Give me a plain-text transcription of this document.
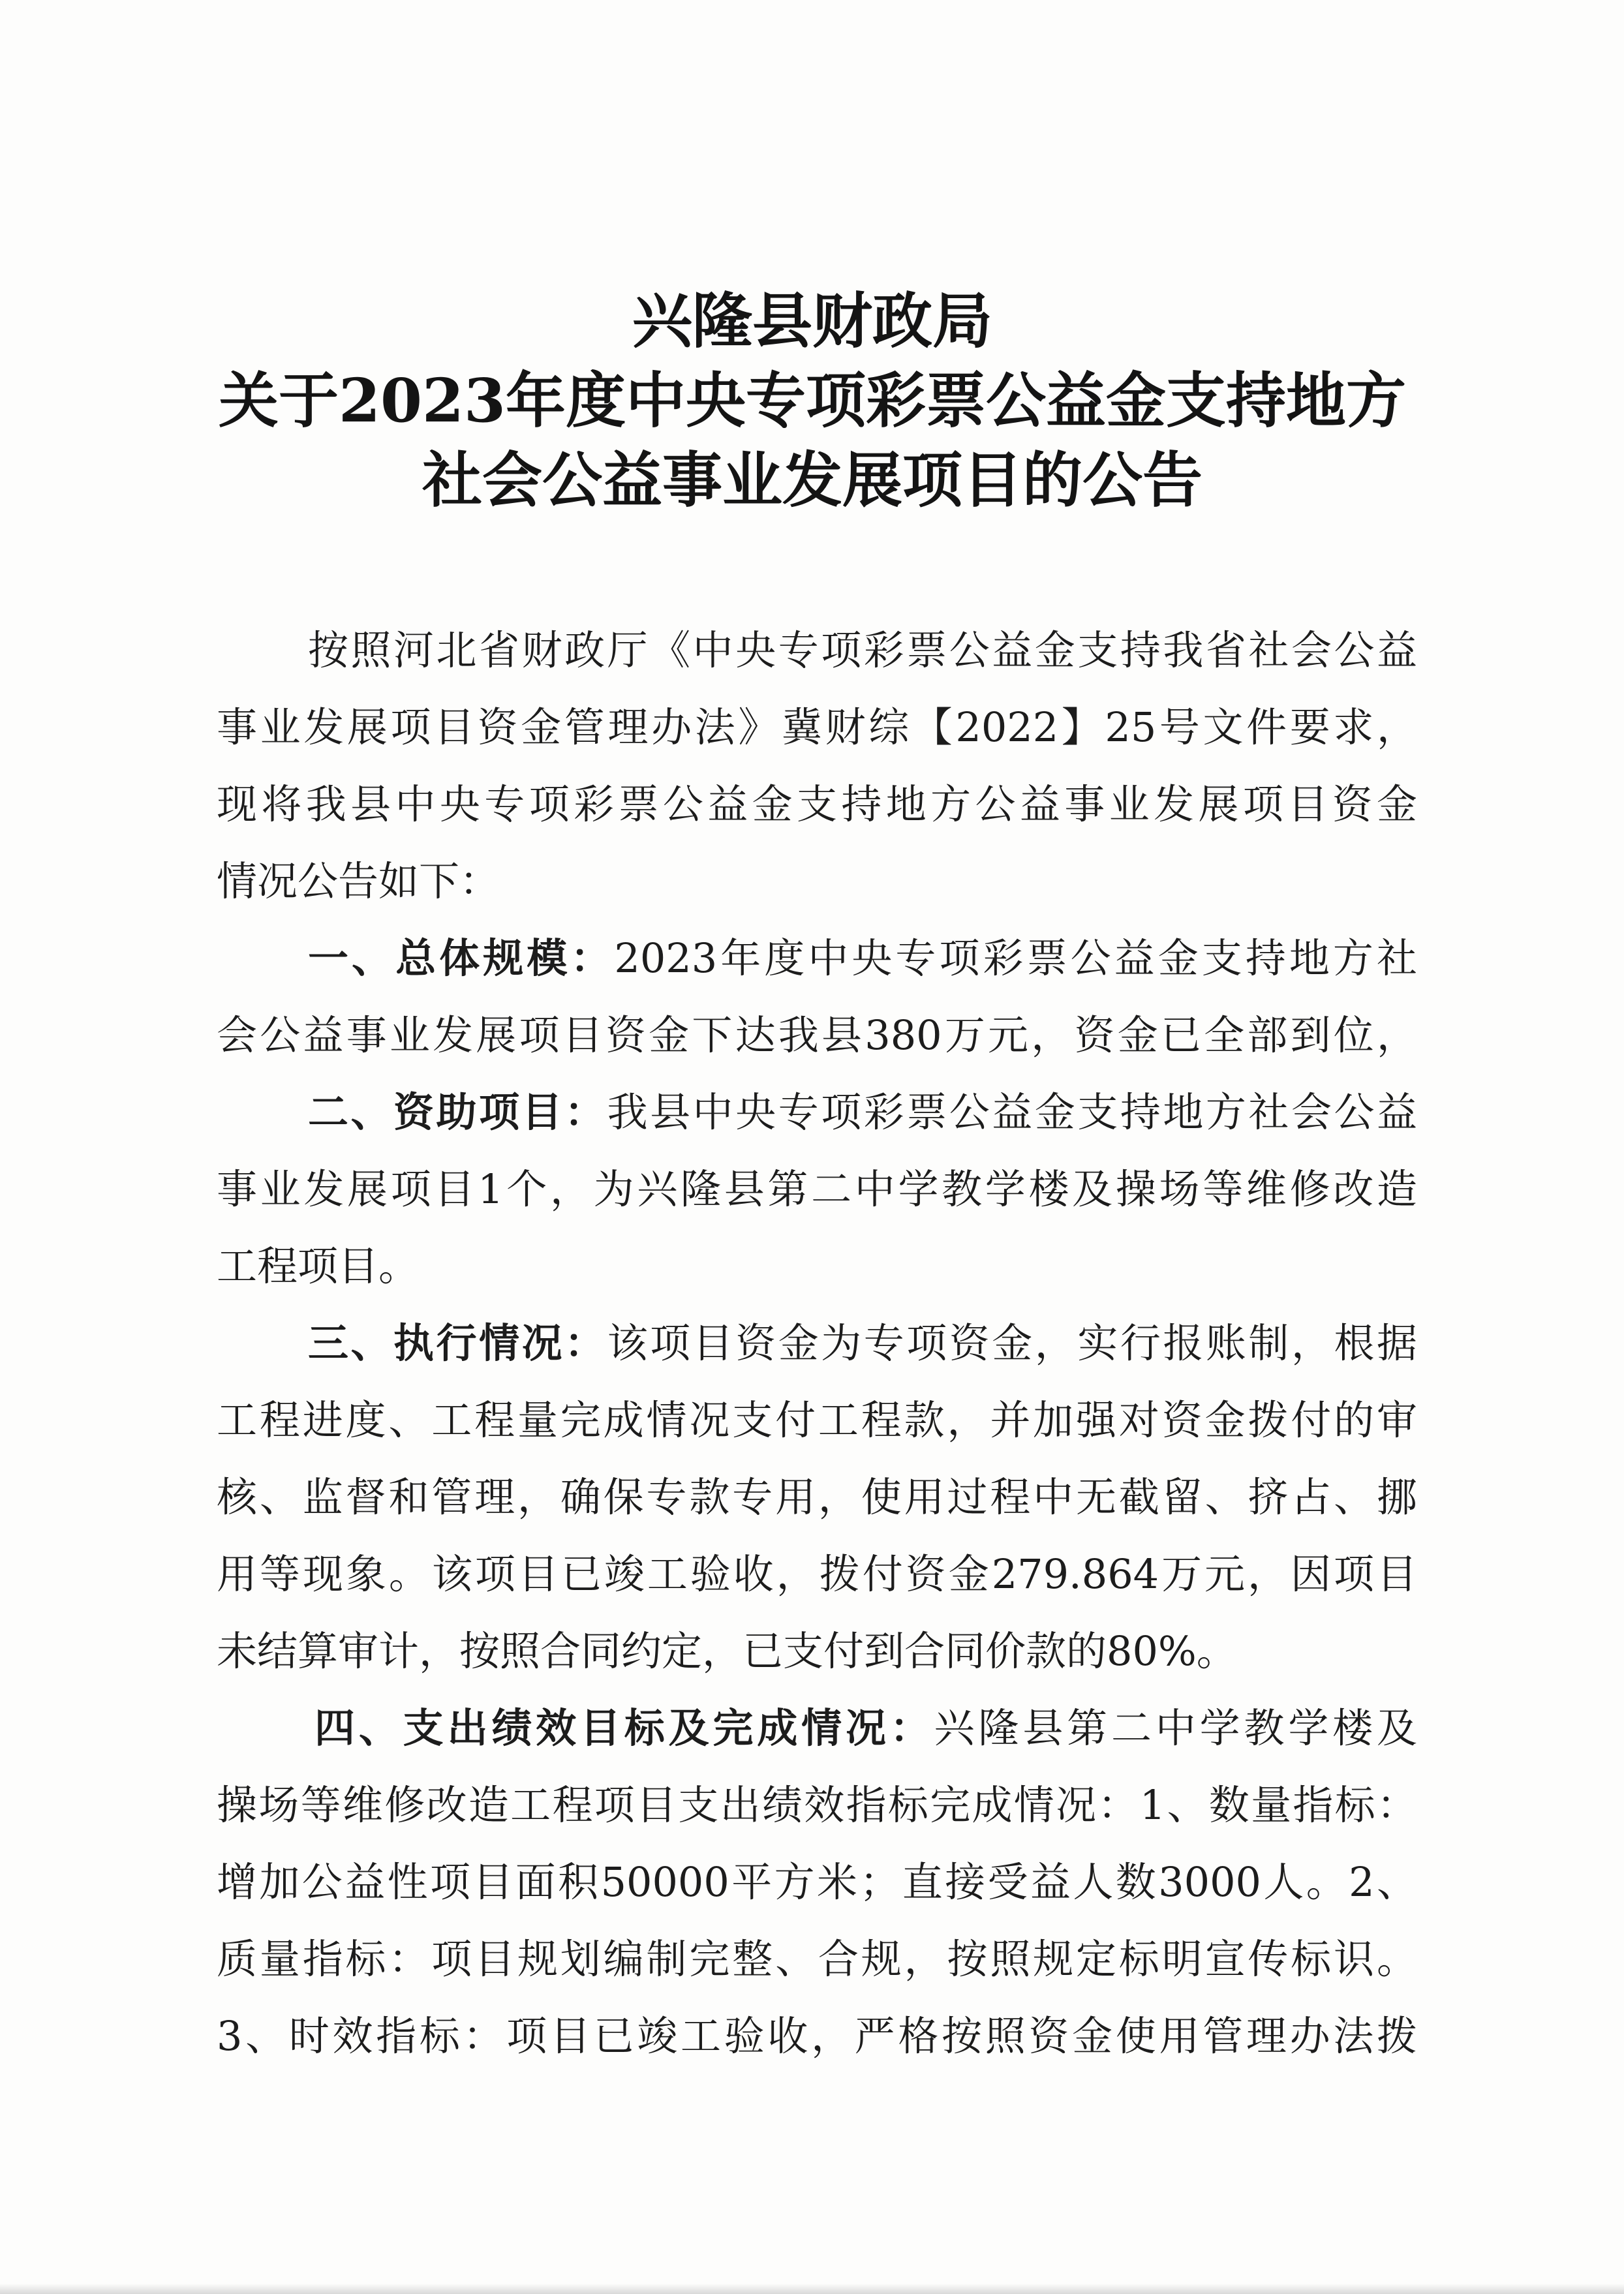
兴隆县财政局
关于2023年度中央专项彩票公益金支持地方
社会公益事业发展项目的公告
按照河北省财政厅《中央专项彩票公益金支持我省社会公益
事业发展项目资金管理办法》冀财综【2022】25号文件要求，
现将我县中央专项彩票公益金支持地方公益事业发展项目资金
情况公告如下：
一、总体规模：2023年度中央专项彩票公益金支持地方社
会公益事业发展项目资金下达我县380万元，资金已全部到位，
二、资助项目：我县中央专项彩票公益金支持地方社会公益
事业发展项目1个，为兴隆县第二中学教学楼及操场等维修改造
工程项目。
三、执行情况：该项目资金为专项资金，实行报账制，根据
工程进度、工程量完成情况支付工程款，并加强对资金拨付的审
核、监督和管理，确保专款专用，使用过程中无截留、挤占、挪
用等现象。该项目已竣工验收，拨付资金279.864万元，因项目
未结算审计，按照合同约定，已支付到合同价款的80%。
四、支出绩效目标及完成情况：兴隆县第二中学教学楼及
操场等维修改造工程项目支出绩效指标完成情况：1、数量指标：
增加公益性项目面积50000平方米；直接受益人数3000人。2、
质量指标：项目规划编制完整、合规，按照规定标明宣传标识。
3、时效指标：项目已竣工验收，严格按照资金使用管理办法拨
